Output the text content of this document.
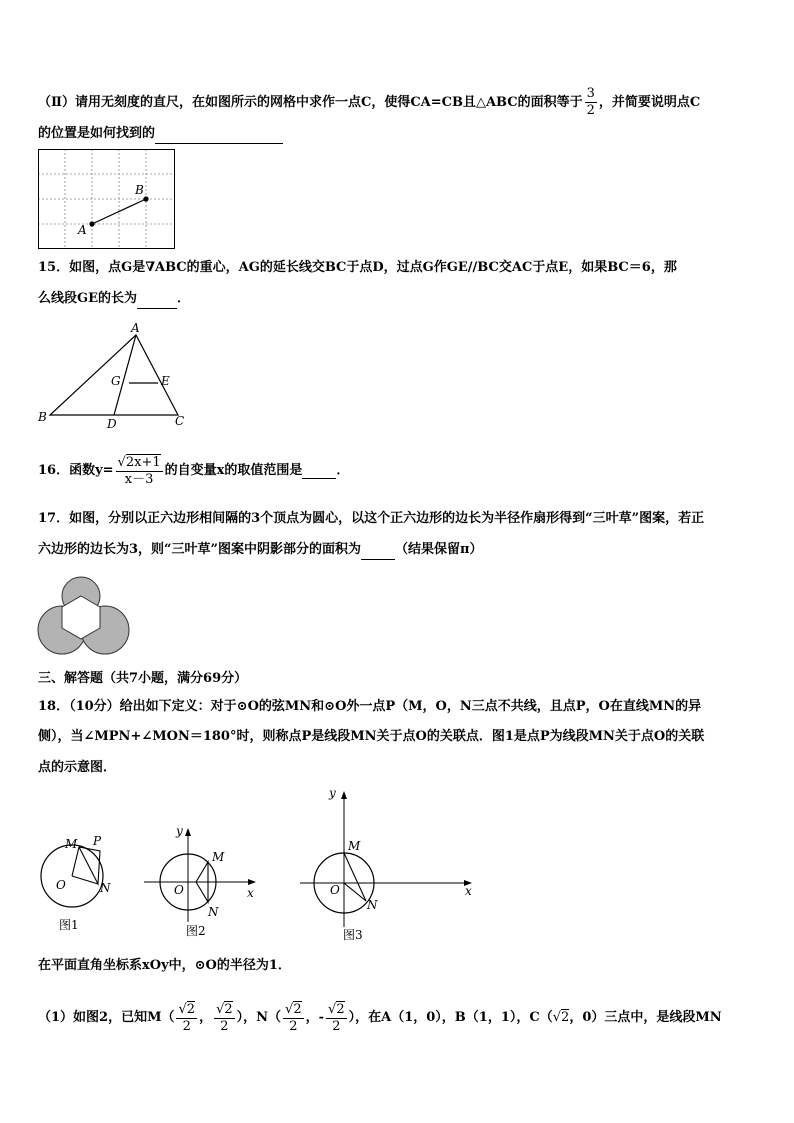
（Ⅱ）请用无刻度的直尺，在如图所示的网格中求作一点C，使得CA=CB且△ABC的面积等于 $\frac{3}{2}$ ，并简要说明点C
的位置是如何找到的
A
B
15．如图，点G是∇ABC的重心，AG的延长线交BC于点D，过点G作GE//BC交AC于点E，如果BC＝6，那
么线段GE的长为	．
A
B	C
D
G	E
16．函数$y= \frac{√2x+1}{x-3}$ 的自变量x的取值范围是	．
17．如图，分别以正六边形相间隔的3个顶点为圆心，以这个正六边形的边长为半径作扇形得到“三叶草”图案，若正
六边形的边长为3，则“三叶草”图案中阴影部分的面积为	（结果保留π）
三、解答题（共7小题，满分69分）
18．（10分）给出如下定义：对于⊙O的弦MN和⊙O外一点P（M，O，N三点不共线，且点P，O在直线MN的异
侧），当∠MPN+∠MON＝180°时，则称点P是线段MN关于点O的关联点．图1是点P为线段MN关于点O的关联
点的示意图．
M P
O	N
图1
M
N
O	x
y
图2
M
N
O	x
y
图3
在平面直角坐标系xOy中，⊙O的半径为1．
（1）如图2，已知$M( \frac{√2}{2}$ ， $\frac{√2}{2}$ ），$N( \frac{√2}{2}$ ， - $\frac{√2}{2}$ ），在A（1，0），B（1，1），C（ √2 ，0）三点中，是线段MN
